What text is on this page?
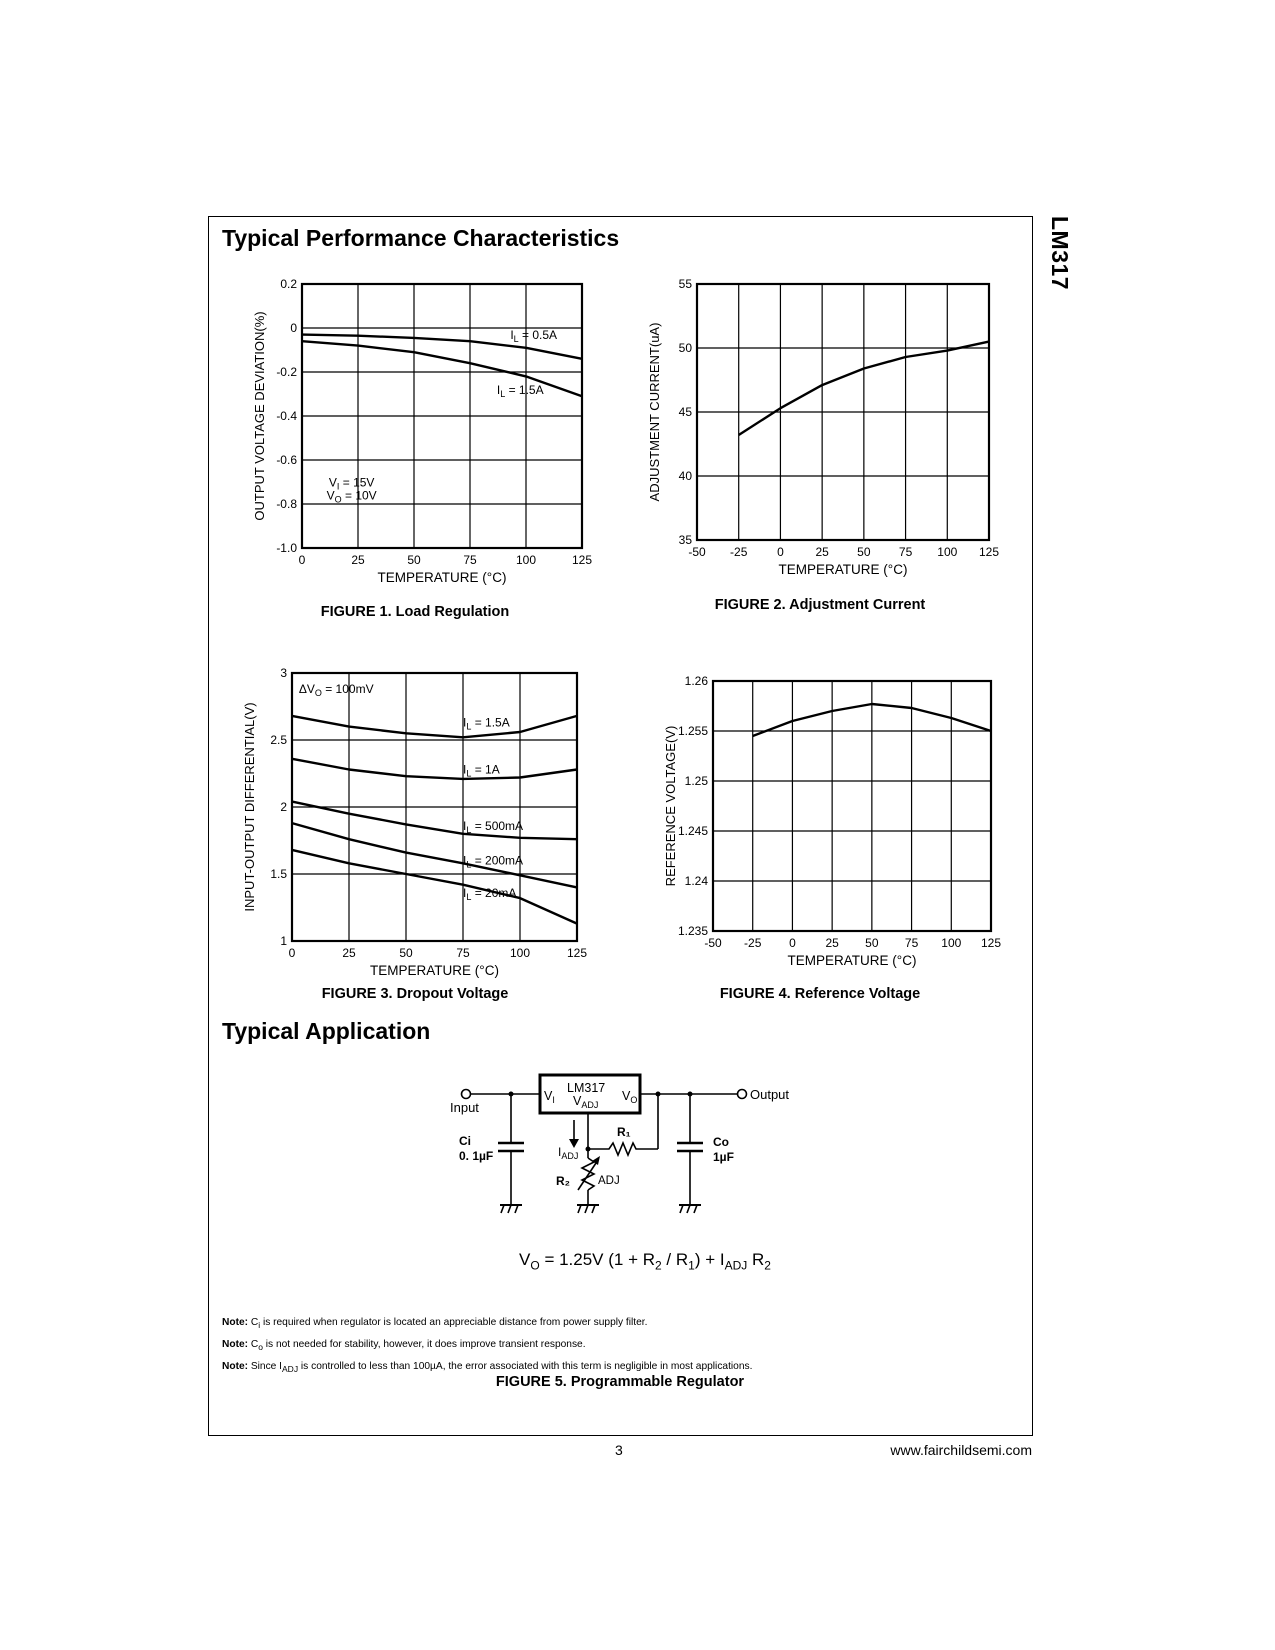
LM317
Typical Performance Characteristics
0	25	50	75	100	125
0.2
0
-0.2
-0.4
-0.6
-0.8
-1.0
TEMPERATURE (°C)
OUTPUT VOLTAGE DEVIATION(%)	$I_L = 0.5A$
$I_L = 1.5A$
$V_I = 15V$
$V_O = 10V$
-50 -25 0	25 50 75 100 125
35
40
45
50
55
TEMPERATURE (°C)
ADJUSTMENT CURRENT(uA)
0	25	50	75	100	125
1
1.5
2
2.5
3
TEMPERATURE (°C)
INPUT-OUTPUT DIFFERENTIAL(V)
$\Delta V_O = 100mV$
$I_L = 1.5A$
$I_L = 1A$
$I_L = 500mA$
$I_L = 200mA$
$I_L = 20mA$
-50 -25 0 25 50 75 100 125
1.235
1.24
1.245
1.25
1.255
1.26
TEMPERATURE (°C)
REFERENCE VOLTAGE(V)
FIGURE 1. Load Regulation	FIGURE 2. Adjustment Current
FIGURE 3. Dropout Voltage	FIGURE 4. Reference Voltage
Typical Application
Input
Output
LM317
$V_I$	$V_O$
$V_{ADJ}$
Ci
0. 1µF
Co
1µF
R₁
R₂
$I_{ADJ}$
ADJ
$V_O = 1.25V$ $(1 + R_2 / R_1) + I_{ADJ}$ $R_2$
Note: $C_i$ is required when regulator is located an appreciable distance from power supply filter.
Note: $C_o$ is not needed for stability, however, it does improve transient response.
Note: Since $I_{ADJ}$ is controlled to less than 100µA, the error associated with this term is negligible in most applications.
FIGURE 5. Programmable Regulator
3	www.fairchildsemi.com
